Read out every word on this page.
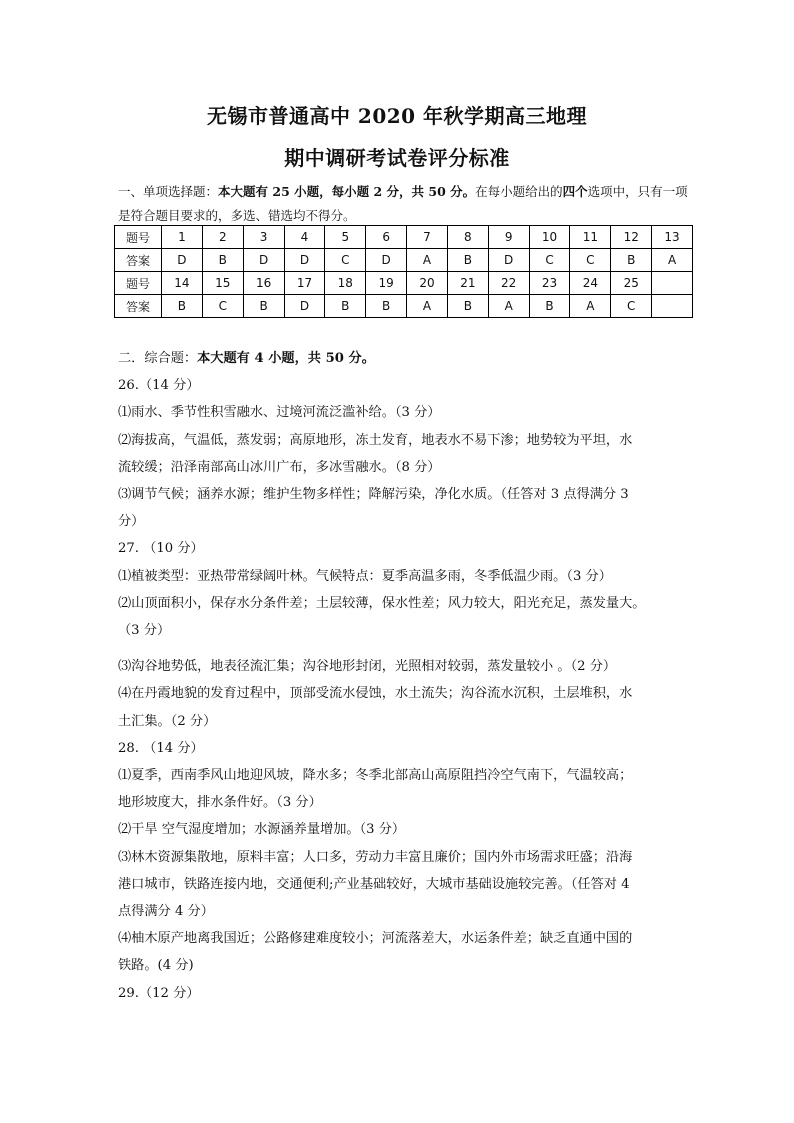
无锡市普通高中 2020 年秋学期高三地理
期中调研考试卷评分标准
一、单项选择题：本大题有 25 小题，每小题 2 分，共 50 分。在每小题给出的四个选项中，只有一项是符合题目要求的，多选、错选均不得分。
题号	1	2	3	4	5	6	7	8	9	10	11	12	13
答案	D	B	D	D	C	D	A	B	D	C	C	B	A
题号	14	15	16	17	18	19	20	21	22	23	24	25	
答案	B	C	B	D	B	B	A	B	A	B	A	C	

二．综合题：本大题有 4 小题，共 50 分。

26.（14 分）

⑴雨水、季节性积雪融水、过境河流泛滥补给。（3 分）

⑵海拔高，气温低，蒸发弱；高原地形，冻土发育，地表水不易下渗；地势较为平坦，水

流较缓；沿泽南部高山冰川广布，多冰雪融水。（8 分）

⑶调节气候；涵养水源；维护生物多样性；降解污染，净化水质。（任答对 3 点得满分 3

分）

27. （10 分）

⑴植被类型：亚热带常绿阔叶林。气候特点：夏季高温多雨，冬季低温少雨。（3 分）

⑵山顶面积小，保存水分条件差；土层较薄，保水性差；风力较大，阳光充足，蒸发量大。

（3 分）

⑶沟谷地势低，地表径流汇集；沟谷地形封闭，光照相对较弱，蒸发量较小 。（2 分）

⑷在丹霞地貌的发育过程中，顶部受流水侵蚀，水土流失；沟谷流水沉积，土层堆积，水

土汇集。（2 分）

28. （14 分）

⑴夏季，西南季风山地迎风坡，降水多；冬季北部高山高原阻挡冷空气南下，气温较高；

地形坡度大，排水条件好。（3 分）

⑵干旱 空气湿度增加；水源涵养量增加。（3 分）

⑶林木资源集散地，原料丰富；人口多，劳动力丰富且廉价；国内外市场需求旺盛；沿海

港口城市，铁路连接内地，交通便利;产业基础较好，大城市基础设施较完善。（任答对 4

点得满分 4 分）

⑷柚木原产地离我国近；公路修建难度较小；河流落差大，水运条件差；缺乏直通中国的

铁路。(4 分)

29.（12 分）
